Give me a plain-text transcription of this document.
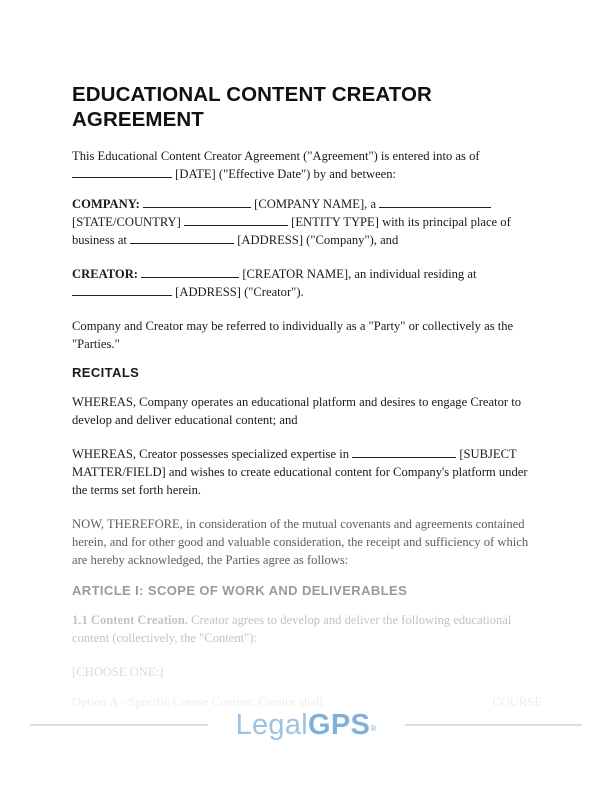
EDUCATIONAL CONTENT CREATOR
AGREEMENT

This Educational Content Creator Agreement ("Agreement") is entered into as of
[DATE] ("Effective Date") by and between:

COMPANY:	[COMPANY NAME], a
[STATE/COUNTRY]	[ENTITY TYPE] with its principal place of business at	[ADDRESS] ("Company"), and

CREATOR:	[CREATOR NAME], an individual residing at
[ADDRESS] ("Creator").

Company and Creator may be referred to individually as a "Party" or collectively as the "Parties."

RECITALS

WHEREAS, Company operates an educational platform and desires to engage Creator to develop and deliver educational content; and

WHEREAS, Creator possesses specialized expertise in	[SUBJECT MATTER/FIELD] and wishes to create educational content for Company's platform under the terms set forth herein.

NOW, THEREFORE, in consideration of the mutual covenants and agreements contained herein, and for other good and valuable consideration, the receipt and sufficiency of which are hereby acknowledged, the Parties agree as follows:

ARTICLE I: SCOPE OF WORK AND DELIVERABLES

1.1 Content Creation. Creator agrees to develop and deliver the following educational content (collectively, the "Content"):

[CHOOSE ONE:]

Option A - Specific Course Content: Creator shall	COURSE

LegalGPS®
